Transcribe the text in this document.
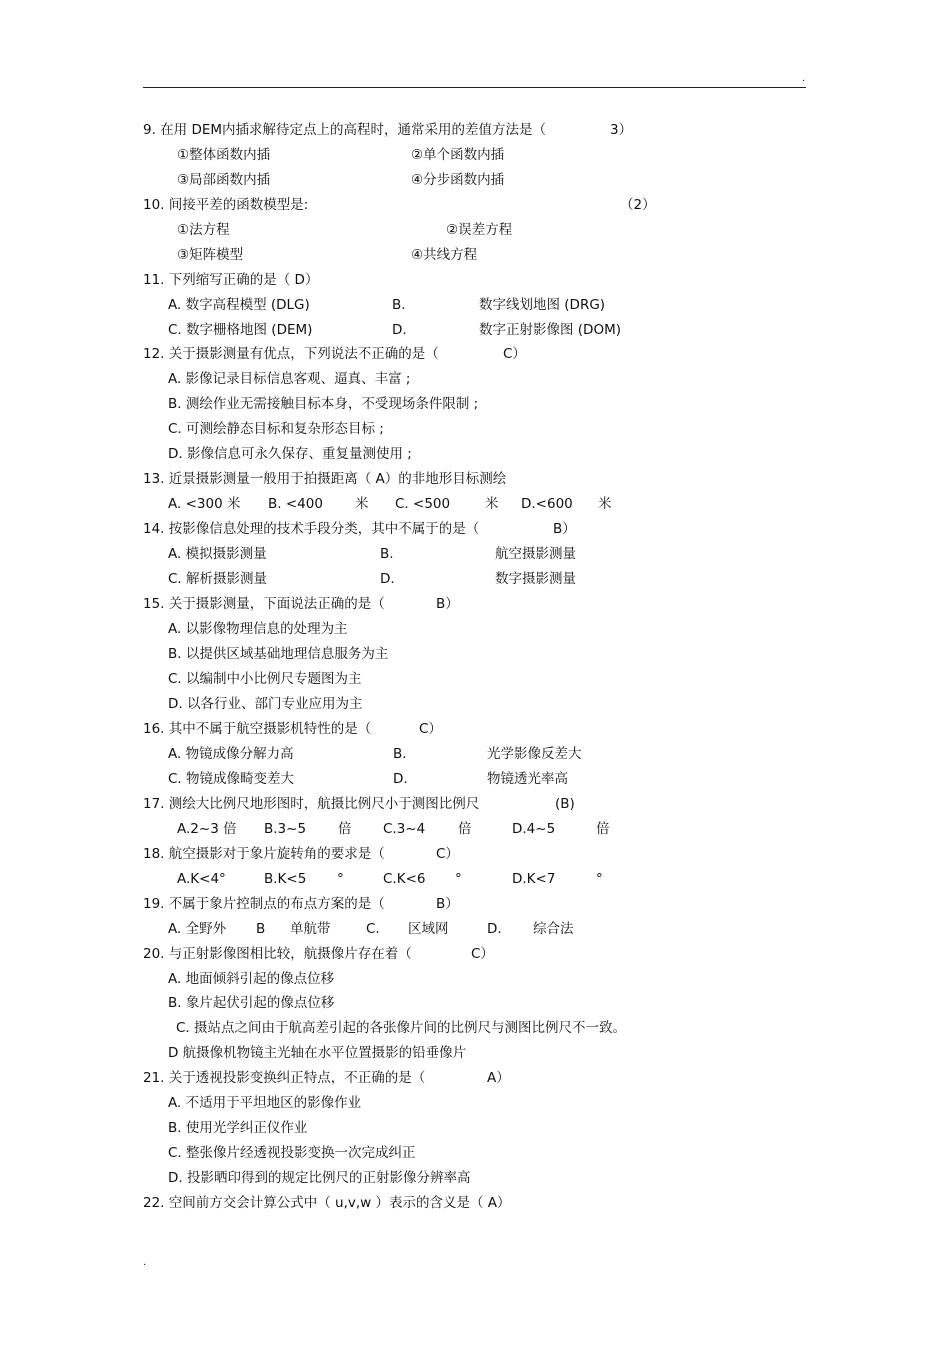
.
9. 在用 DEM内插求解待定点上的高程时，通常采用的差值方法是（	3）
①整体函数内插	②单个函数内插
③局部函数内插	④分步函数内插
10. 间接平差的函数模型是:	（2）
①法方程	②误差方程
③矩阵模型	④共线方程
11. 下列缩写正确的是（ D）
A. 数字高程模型 (DLG)	B.	数字线划地图 (DRG)
C. 数字栅格地图 (DEM)	D.	数字正射影像图 (DOM)
12. 关于摄影测量有优点，下列说法不正确的是（	C）
A. 影像记录目标信息客观、逼真、丰富 ;
B. 测绘作业无需接触目标本身，不受现场条件限制 ;
C. 可测绘静态目标和复杂形态目标 ;
D. 影像信息可永久保存、重复量测使用 ;
13. 近景摄影测量一般用于拍摄距离（ A）的非地形目标测绘
A. <300 米 B. <400 米 C. <500	米 D.<600 米
14. 按影像信息处理的技术手段分类，其中不属于的是（	B）
A. 模拟摄影测量	B.	航空摄影测量
C. 解析摄影测量	D.	数字摄影测量
15. 关于摄影测量，下面说法正确的是（	B）
A. 以影像物理信息的处理为主
B. 以提供区域基础地理信息服务为主
C. 以编制中小比例尺专题图为主
D. 以各行业、部门专业应用为主
16. 其中不属于航空摄影机特性的是（	C）
A. 物镜成像分解力高	B.	光学影像反差大
C. 物镜成像畸变差大	D.	物镜透光率高
17. 测绘大比例尺地形图时，航摄比例尺小于测图比例尺	(B)
A.2~3 倍 B.3~5 倍 C.3~4 倍	D.4~5	倍
18. 航空摄影对于象片旋转角的要求是（	C）
A.K<4°	B.K<5 °	C.K<6 °	D.K<7	°
19. 不属于象片控制点的布点方案的是（	B）
A. 全野外 B 单航带	C. 区域网	D. 综合法
20. 与正射影像图相比较，航摄像片存在着（	C）
A. 地面倾斜引起的像点位移
B. 象片起伏引起的像点位移
C. 摄站点之间由于航高差引起的各张像片间的比例尺与测图比例尺不一致。
D 航摄像机物镜主光轴在水平位置摄影的铅垂像片
21. 关于透视投影变换纠正特点，不正确的是（	A）
A. 不适用于平坦地区的影像作业
B. 使用光学纠正仪作业
C. 整张像片经透视投影变换一次完成纠正
D. 投影晒印得到的规定比例尺的正射影像分辨率高
22. 空间前方交会计算公式中（ u,v,w ）表示的含义是（ A）
.
